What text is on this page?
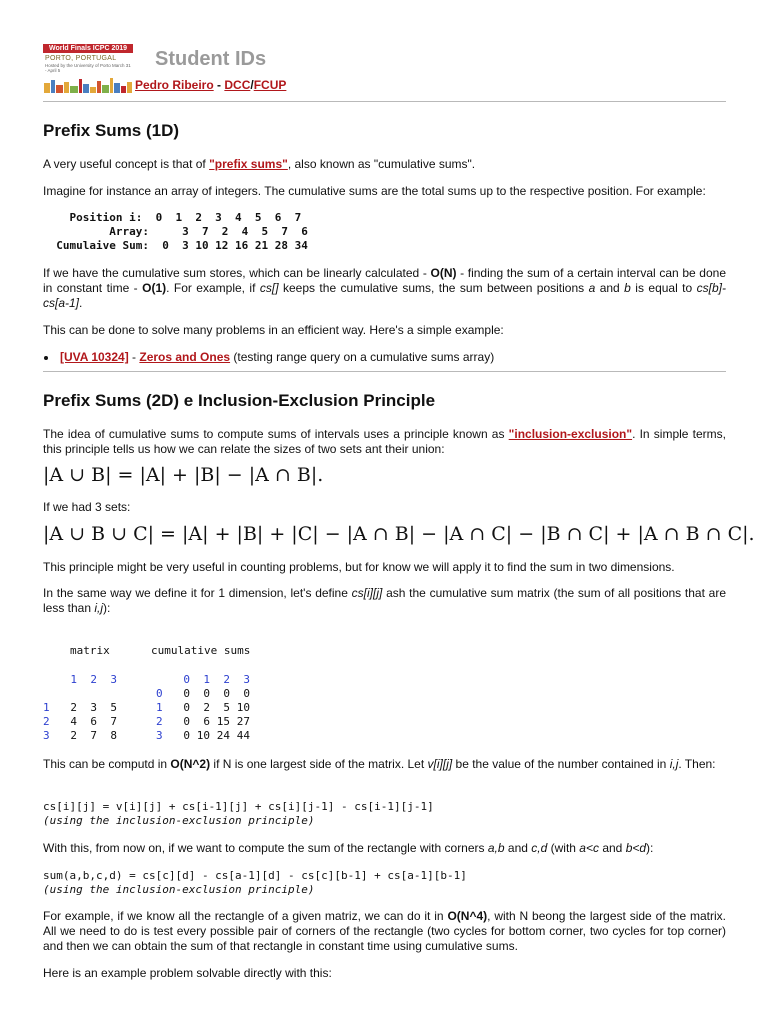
World Finals ICPC 2019
PORTO, PORTUGAL
Hosted by the University of Porto March 31 - April 5
Student IDs
Pedro Ribeiro - DCC/FCUP
Prefix Sums (1D)

A very useful concept is that of "prefix sums", also known as "cumulative sums".

Imagine for instance an array of integers. The cumulative sums are the total sums up to the respective position. For example:

Position i:  0  1  2  3  4  5  6  7
Array:     3  7  2  4  5  7  6
Cumulaive Sum:  0  3 10 12 16 21 28 34

If we have the cumulative sum stores, which can be linearly calculated - O(N) - finding the sum of a certain interval can be done in constant time - O(1). For example, if cs[] keeps the cumulative sums, the sum between positions a and b is equal to cs[b]-cs[a-1].

This can be done to solve many problems in an efficient way. Here's a simple example:

[UVA 10324] - Zeros and Ones (testing range query on a cumulative sums array)
Prefix Sums (2D) e Inclusion-Exclusion Principle

The idea of cumulative sums to compute sums of intervals uses a principle known as "inclusion-exclusion". In simple terms, this principle tells us how we can relate the sizes of two sets ant their union:

|A ∪ B| = |A| + |B| − |A ∩ B|.

If we had 3 sets:

|A ∪ B ∪ C| = |A| + |B| + |C| − |A ∩ B| − |A ∩ C| − |B ∩ C| + |A ∩ B ∩ C|.

This principle might be very useful in counting problems, but for know we will apply it to find the sum in two dimensions.

In the same way we define it for 1 dimension, let's define cs[i][j] ash the cumulative sum matrix (the sum of all positions that are less than i,j):

matrix	cumulative sums
	1	2	3

1	2	3	5
2	4	6	7
3	2	7	8
	0	1	2	3
0	0	0	0	0
1	0	2	5	10
2	0	6	15	27
3	0	10	24	44

This can be computd in O(N^2) if N is one largest side of the matrix. Let v[i][j] be the value of the number contained in i,j. Then:

cs[i][j] = v[i][j] + cs[i-1][j] + cs[i][j-1] - cs[i-1][j-1]
(using the inclusion-exclusion principle)

With this, from now on, if we want to compute the sum of the rectangle with corners a,b and c,d (with a<c and b<d):

sum(a,b,c,d) = cs[c][d] - cs[a-1][d] - cs[c][b-1] + cs[a-1][b-1]
(using the inclusion-exclusion principle)

For example, if we know all the rectangle of a given matriz, we can do it in O(N^4), with N beong the largest side of the matrix. All we need to do is test every possible pair of corners of the rectangle (two cycles for bottom corner, two cycles for top corner) and then we can obtain the sum of that rectangle in constant time using cumulative sums.

Here is an example problem solvable directly with this:
